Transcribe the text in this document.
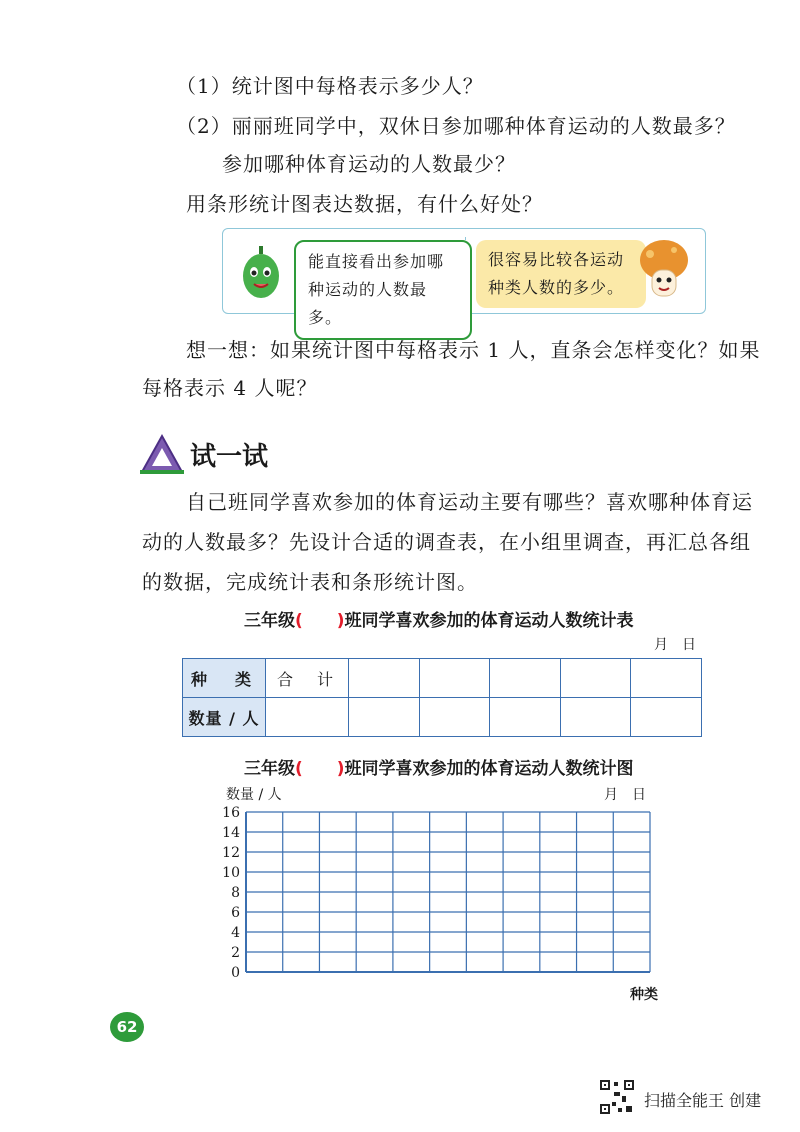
（1）统计图中每格表示多少人？
（2）丽丽班同学中，双休日参加哪种体育运动的人数最多？
参加哪种体育运动的人数最少？
用条形统计图表达数据，有什么好处？
能直接看出参加哪种运动的人数最多。
很容易比较各运动种类人数的多少。
想一想：如果统计图中每格表示 1 人，直条会怎样变化？如果
每格表示 4 人呢？
试一试
自己班同学喜欢参加的体育运动主要有哪些？喜欢哪种体育运
动的人数最多？先设计合适的调查表，在小组里调查，再汇总各组
的数据，完成统计表和条形统计图。
三年级(　　 )班同学喜欢参加的体育运动人数统计表
月　日
种　类	合　计					
数量 / 人						
三年级(　　 )班同学喜欢参加的体育运动人数统计图
数量 / 人	月　日
种类
16
14
12
10
8
6
4
2
0
62
扫描全能王 创建
